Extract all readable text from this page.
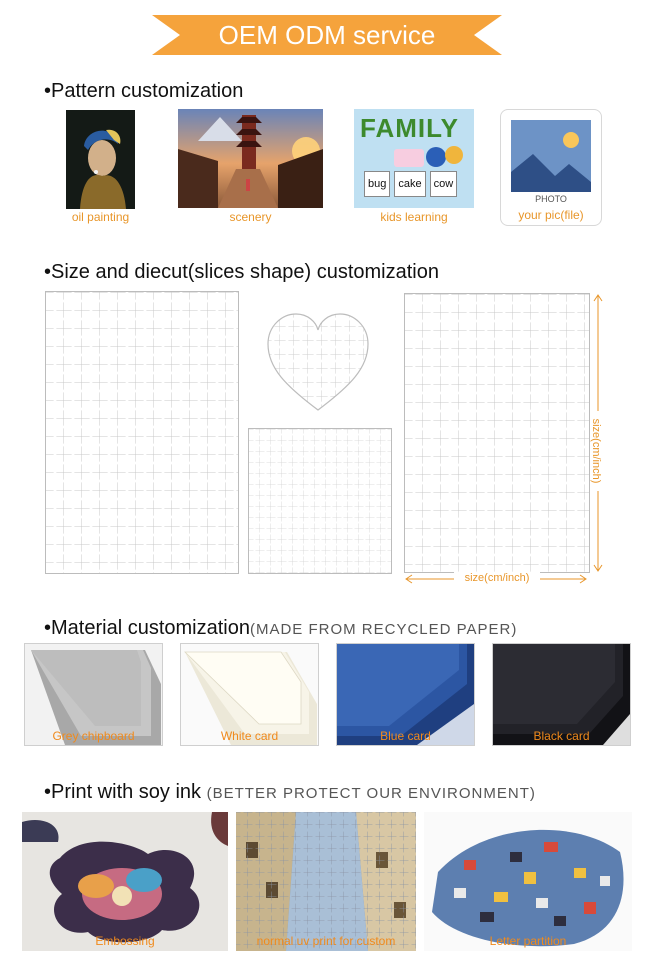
OEM ODM service
•Pattern customization
oil painting	scenery
FAMILY
bug	cake	cow
kids learning
PHOTO
your pic(file)
•Size and diecut(slices shape) customization
size(cm/inch)
size(cm/inch)
•Material customization(MADE FROM RECYCLED PAPER)
Grey chipboard	White card	Blue card	Black card
•Print with soy ink (BETTER PROTECT OUR ENVIRONMENT)
Embossing	normal uv print for custom	Letter partition
